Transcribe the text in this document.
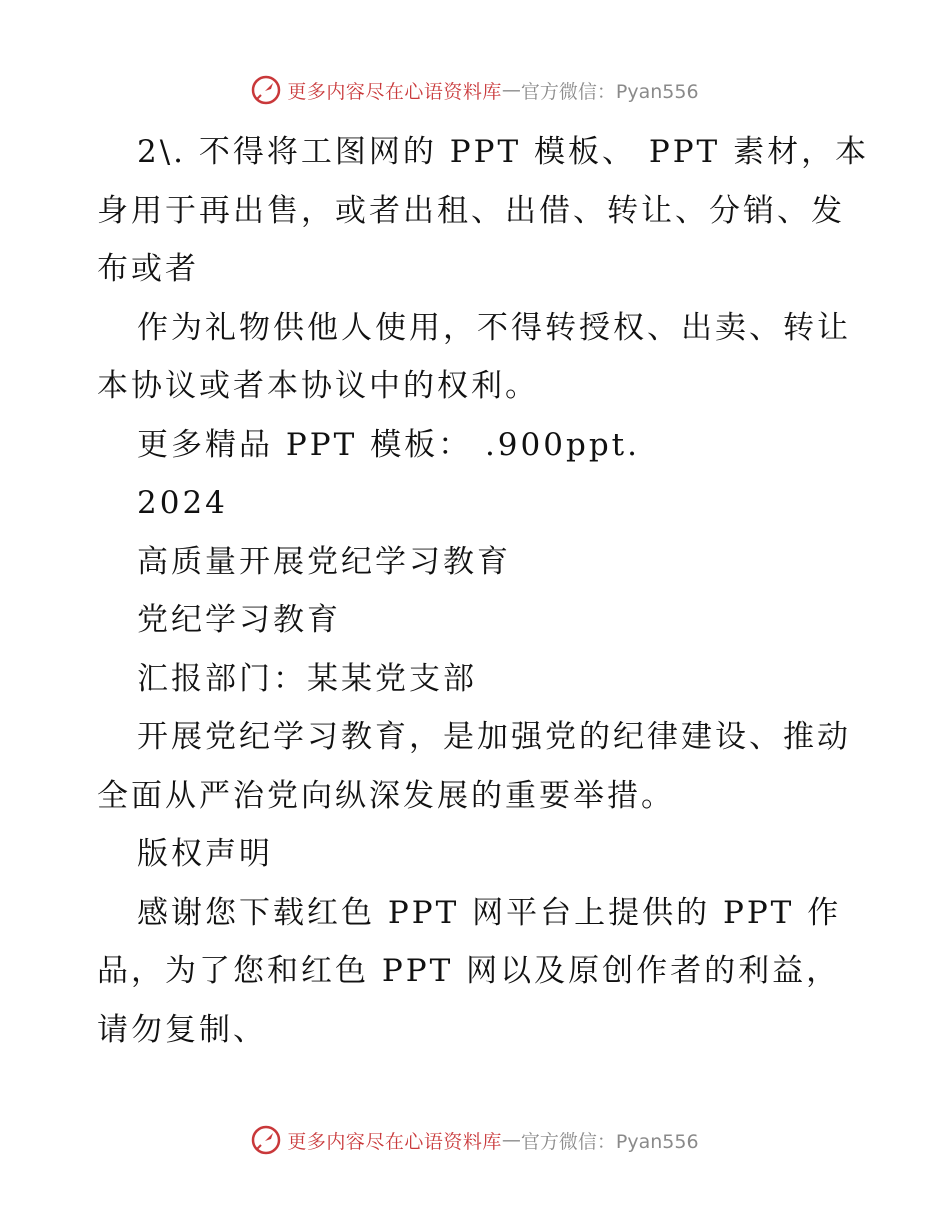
更多内容尽在心语资料库 — 官方微信：Pyan556

2\. 不得将工图网的 PPT 模板、 PPT 素材，本

身用于再出售，或者出租、出借、转让、分销、发

布或者

作为礼物供他人使用，不得转授权、出卖、转让

本协议或者本协议中的权利。

更多精品 PPT 模板： .900ppt.

2024

高质量开展党纪学习教育

党纪学习教育

汇报部门：某某党支部

开展党纪学习教育，是加强党的纪律建设、推动

全面从严治党向纵深发展的重要举措。

版权声明

感谢您下载红色 PPT 网平台上提供的 PPT 作

品，为了您和红色 PPT 网以及原创作者的利益，

请勿复制、

更多内容尽在心语资料库 — 官方微信：Pyan556
